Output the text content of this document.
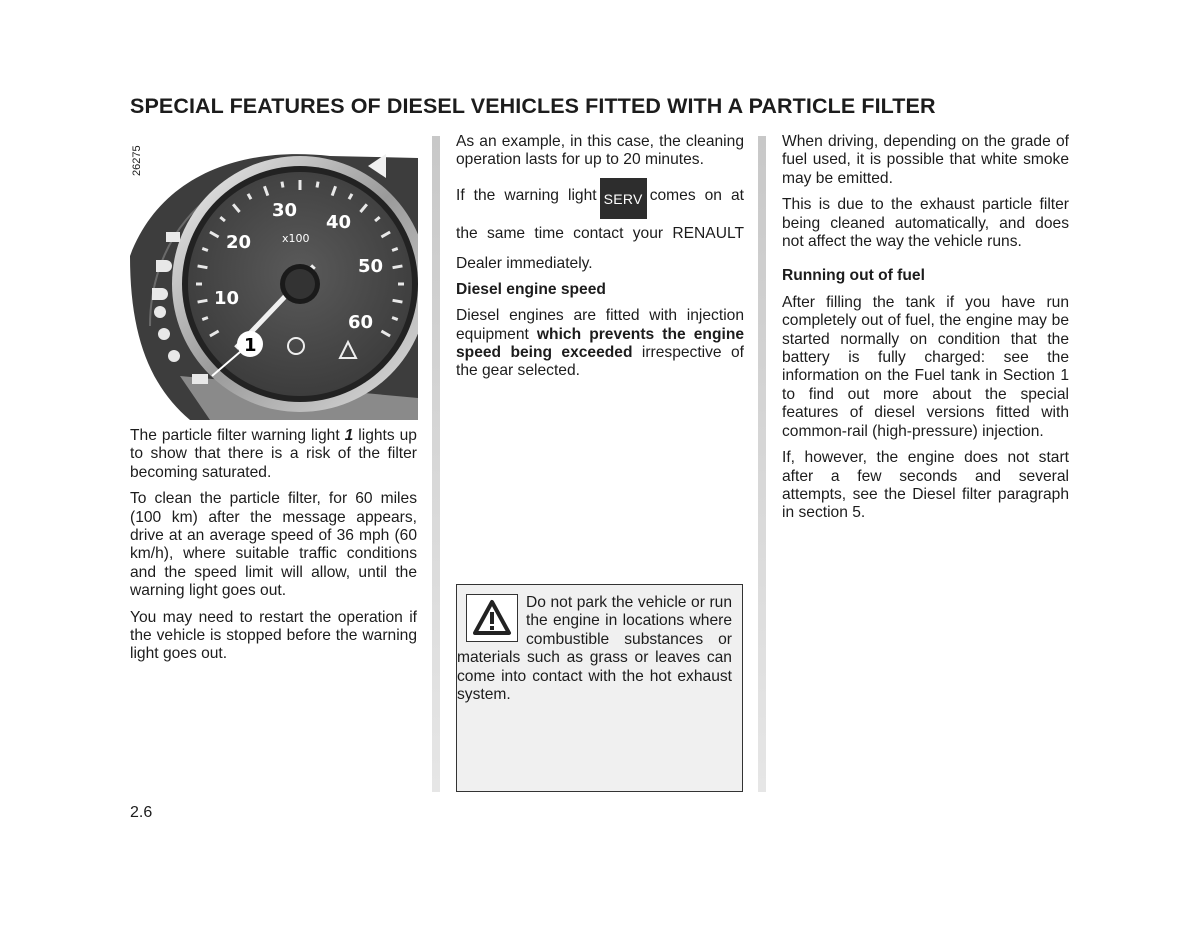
SPECIAL FEATURES OF DIESEL VEHICLES FITTED WITH A PARTICLE FILTER
10
20
30
40
50
60
x100
1
26275

The particle filter warning light 1 lights up to show that there is a risk of the filter becoming saturated.

To clean the particle filter, for 60 miles (100 km) after the message appears, drive at an average speed of 36 mph (60 km/h), where suitable traffic conditions and the speed limit will allow, until the warning light goes out.

You may need to restart the operation if the vehicle is stopped before the warning light goes out.

As an example, in this case, the cleaning operation lasts for up to 20 minutes.

If the warning light SERV comes on at the same time contact your RENAULT Dealer immediately.

Diesel engine speed

Diesel engines are fitted with injection equipment which prevents the engine speed being exceeded irrespective of the gear selected.

Do not park the vehicle or run the engine in locations where combustible substances or materials such as grass or leaves can come into contact with the hot exhaust system.

When driving, depending on the grade of fuel used, it is possible that white smoke may be emitted.

This is due to the exhaust particle filter being cleaned automatically, and does not affect the way the vehicle runs.

Running out of fuel

After filling the tank if you have run completely out of fuel, the engine may be started normally on condition that the battery is fully charged: see the information on the Fuel tank in Section 1 to find out more about the special features of diesel versions fitted with common-rail (high-pressure) injection.

If, however, the engine does not start after a few seconds and several attempts, see the Diesel filter paragraph in section 5.

2.6
